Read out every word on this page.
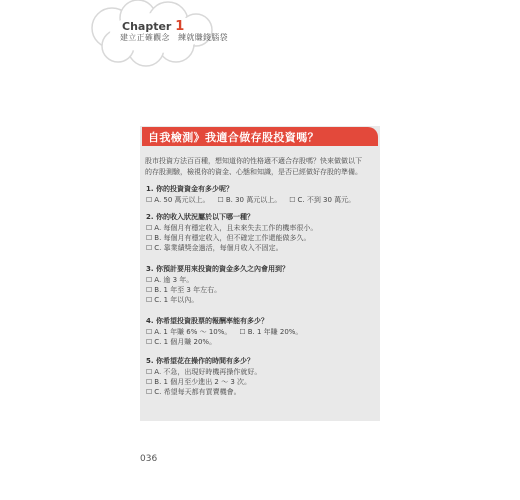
Chapter 1
建立正確觀念　練就賺錢腦袋
自我檢測》我適合做存股投資嗎？
股市投資方法百百種，想知道你的性格適不適合存股嗎？快來做做以下
的存股測驗，檢視你的資金、心態和知識，是否已經做好存股的準備。
1. 你的投資資金有多少呢？
☐ A. 50 萬元以上。 ☐ B. 30 萬元以上。 ☐ C. 不到 30 萬元。
2. 你的收入狀況屬於以下哪一種？
☐ A. 每個月有穩定收入，且未來失去工作的機率很小。
☐ B. 每個月有穩定收入，但不確定工作還能做多久。
☐ C. 靠業績獎金過活，每個月收入不固定。
3. 你預計要用來投資的資金多久之內會用到？
☐ A. 逾 3 年。
☐ B. 1 年至 3 年左右。
☐ C. 1 年以內。
4. 你希望投資股票的報酬率能有多少？
☐ A. 1 年賺 6% ～ 10%。 ☐ B. 1 年賺 20%。
☐ C. 1 個月賺 20%。
5. 你希望花在操作的時間有多少？
☐ A. 不急，出現好時機再操作就好。
☐ B. 1 個月至少進出 2 ～ 3 次。
☐ C. 希望每天都有買賣機會。
036
